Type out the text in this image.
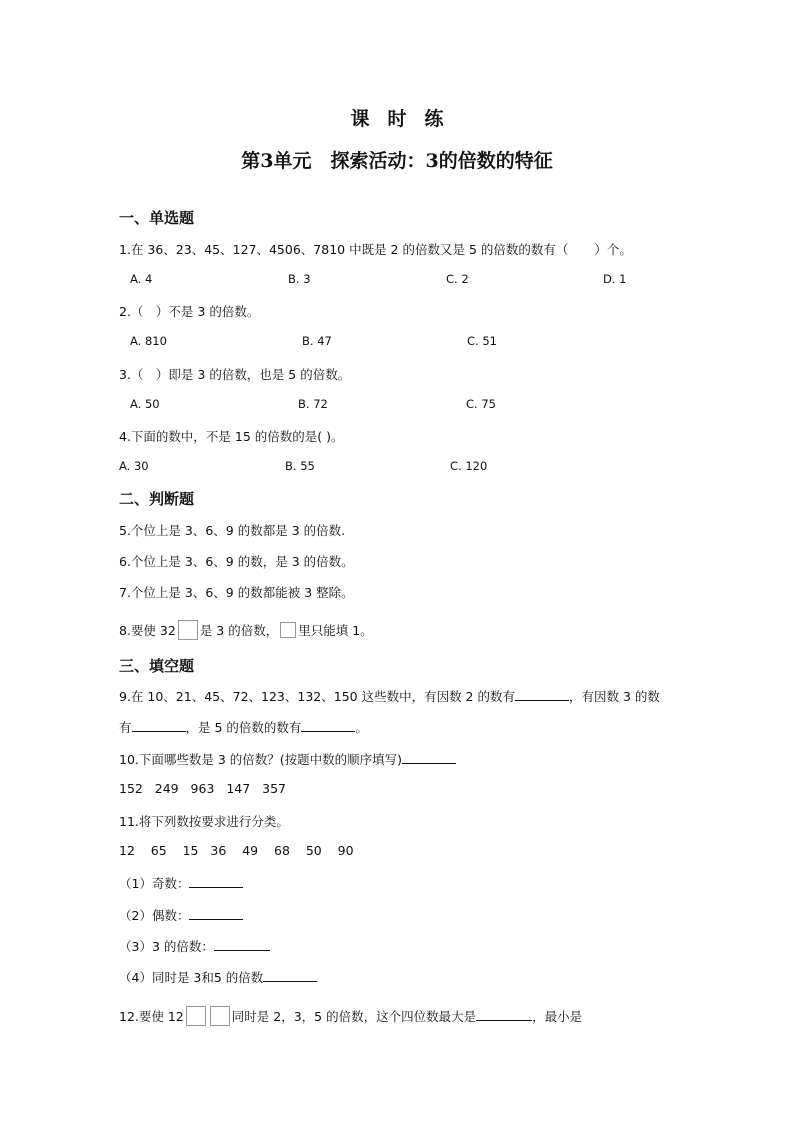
课时练
第3单元　探索活动：3的倍数的特征
一、单选题
1.在 36、23、45、127、4506、7810 中既是 2 的倍数又是 5 的倍数的数有（ ）个。
A. 4	B. 3	C. 2	D. 1
2.（　）不是 3 的倍数。
A. 810	B. 47	C. 51
3.（　）即是 3 的倍数，也是 5 的倍数。
A. 50	B. 72	C. 75
4.下面的数中，不是 15 的倍数的是( )。
A. 30	B. 55	C. 120
二、判断题
5.个位上是 3、6、9 的数都是 3 的倍数.
6.个位上是 3、6、9 的数，是 3 的倍数。
7.个位上是 3、6、9 的数都能被 3 整除。
8.要使 32 是 3 的倍数， 里只能填 1。
三、填空题
9.在 10、21、45、72、123、132、150 这些数中，有因数 2 的数有	，有因数 3 的数
有	，是 5 的倍数的数有	。
10.下面哪些数是 3 的倍数？(按题中数的顺序填写)
152   249   963   147   357
11.将下列数按要求进行分类。
12    65    15   36    49    68    50    90
（1）奇数：
（2）偶数：
（3）3 的倍数：
（4）同时是 3和5 的倍数
12.要使 12	同时是 2，3，5 的倍数，这个四位数最大是	，最小是
